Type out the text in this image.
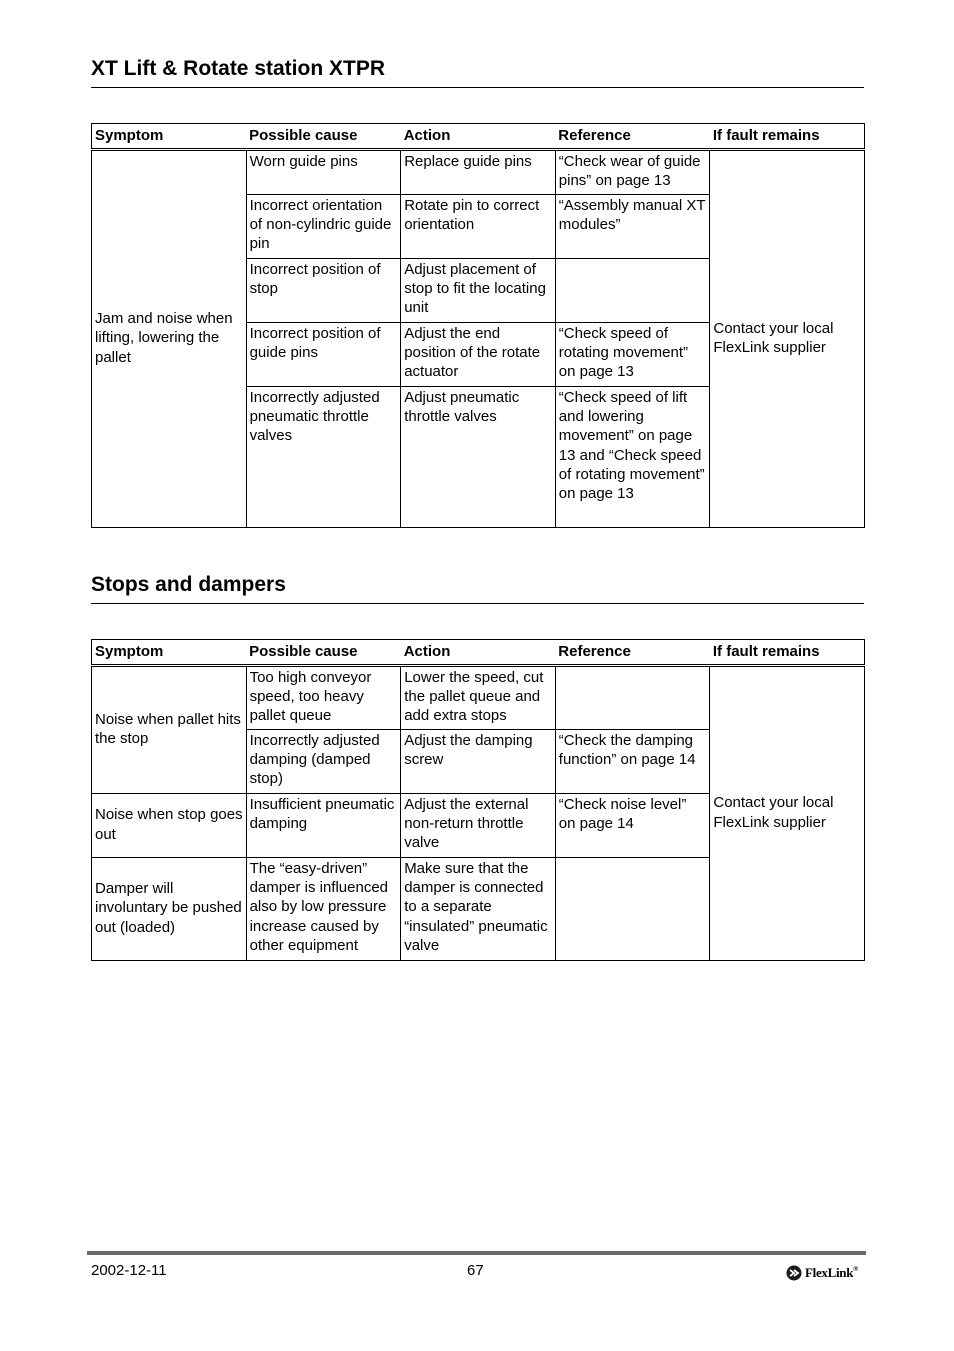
XT Lift & Rotate station XTPR
Symptom	Possible cause	Action	Reference	If fault remains
Jam and noise when lifting, lowering the pallet	Worn guide pins	Replace guide pins	“Check wear of guide pins” on page 13	Contact your local FlexLink supplier
	Incorrect orientation of non-cylindric guide pin	Rotate pin to correct orientation	“Assembly manual XT modules”	
	Incorrect position of stop	Adjust placement of stop to fit the locating unit		
	Incorrect position of guide pins	Adjust the end position of the rotate actuator	“Check speed of rotating movement” on page 13	
	Incorrectly adjusted pneumatic throttle valves	Adjust pneumatic throttle valves	“Check speed of lift and lowering movement” on page 13 and “Check speed of rotating movement” on page 13	
Stops and dampers
Symptom	Possible cause	Action	Reference	If fault remains
Noise when pallet hits the stop	Too high conveyor speed, too heavy pallet queue	Lower the speed, cut the pallet queue and add extra stops		Contact your local FlexLink supplier
	Incorrectly adjusted damping (damped stop)	Adjust the damping screw	“Check the damping function” on page 14	
Noise when stop goes out	Insufficient pneumatic damping	Adjust the external non-return throttle valve	“Check noise level” on page 14	
Damper will involuntary be pushed out (loaded)	The “easy-driven” damper is influenced also by low pressure increase caused by other equipment	Make sure that the damper is connected to a separate “insulated” pneumatic valve		
2002-12-11	67	FlexLink®
